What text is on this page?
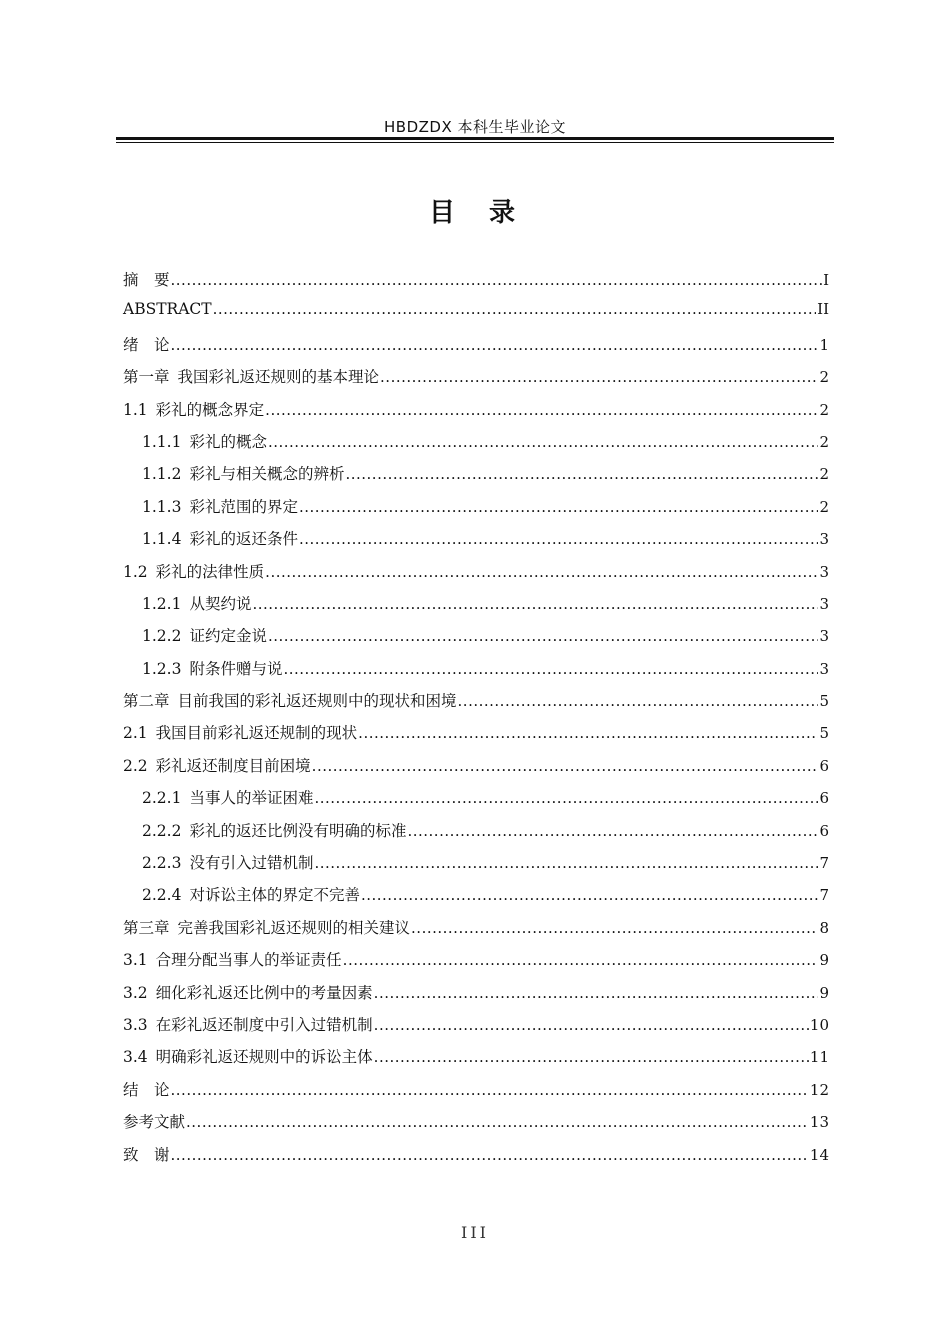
HBDZDX 本科生毕业论文
目 录
摘　要 .....	I
ABSTRACT .....	II
绪　论 .....	1
第一章 我国彩礼返还规则的基本理论 .....	2
1.1 彩礼的概念界定 .....	2
1.1.1 彩礼的概念 .....	2
1.1.2 彩礼与相关概念的辨析 .....	2
1.1.3 彩礼范围的界定 .....	2
1.1.4 彩礼的返还条件 .....	3
1.2 彩礼的法律性质 .....	3
1.2.1 从契约说 .....	3
1.2.2 证约定金说 .....	3
1.2.3 附条件赠与说 .....	3
第二章 目前我国的彩礼返还规则中的现状和困境 .....	5
2.1 我国目前彩礼返还规制的现状 .....	5
2.2 彩礼返还制度目前困境 .....	6
2.2.1 当事人的举证困难 .....	6
2.2.2 彩礼的返还比例没有明确的标准 .....	6
2.2.3 没有引入过错机制 .....	7
2.2.4 对诉讼主体的界定不完善 .....	7
第三章 完善我国彩礼返还规则的相关建议 .....	8
3.1 合理分配当事人的举证责任 .....	9
3.2 细化彩礼返还比例中的考量因素 .....	9
3.3 在彩礼返还制度中引入过错机制 .....	10
3.4 明确彩礼返还规则中的诉讼主体 .....	11
结　论 .....	12
参考文献 .....	13
致　谢 .....	14
III
